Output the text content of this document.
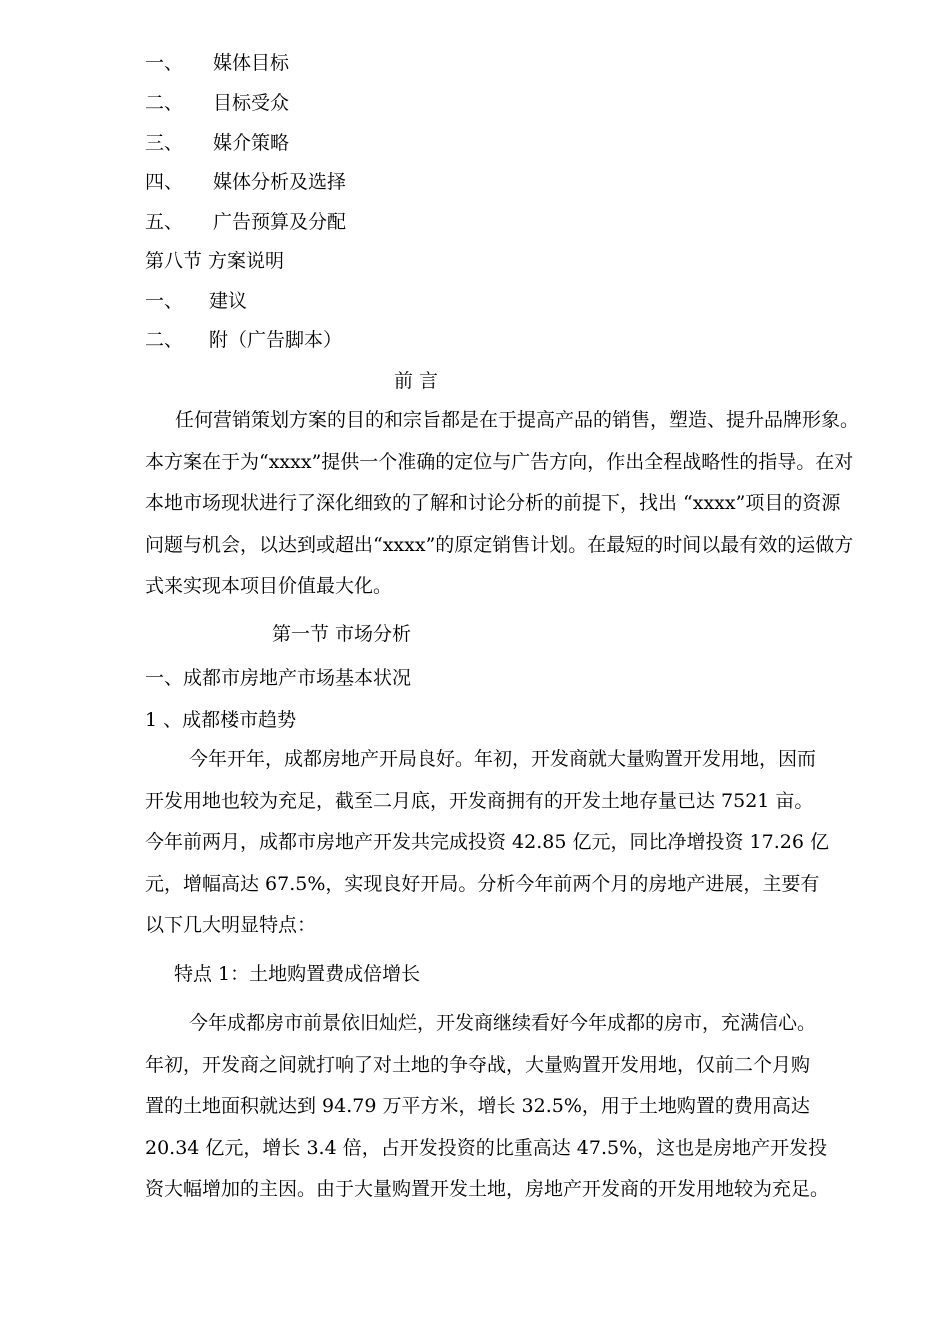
一、 媒体目标
二、 目标受众
三、 媒介策略
四、 媒体分析及选择
五、 广告预算及分配
第八节 方案说明
一、 建议
二、 附（广告脚本）
前 言
任何营销策划方案的目的和宗旨都是在于提高产品的销售，塑造、提升品牌形象。
本方案在于为“xxxx”提供一个准确的定位与广告方向，作出全程战略性的指导。在对
本地市场现状进行了深化细致的了解和讨论分析的前提下，找出 “xxxx”项目的资源
问题与机会，以达到或超出“xxxx”的原定销售计划。在最短的时间以最有效的运做方
式来实现本项目价值最大化。
第一节 市场分析
一、成都市房地产市场基本状况
1 、成都楼市趋势
今年开年，成都房地产开局良好。年初，开发商就大量购置开发用地，因而
开发用地也较为充足，截至二月底，开发商拥有的开发土地存量已达 7521 亩。
今年前两月，成都市房地产开发共完成投资 42.85 亿元，同比净增投资 17.26 亿
元，增幅高达 67.5%，实现良好开局。分析今年前两个月的房地产进展，主要有
以下几大明显特点：
特点 1：土地购置费成倍增长
今年成都房市前景依旧灿烂，开发商继续看好今年成都的房市，充满信心。
年初，开发商之间就打响了对土地的争夺战，大量购置开发用地，仅前二个月购
置的土地面积就达到 94.79 万平方米，增长 32.5%，用于土地购置的费用高达
20.34 亿元，增长 3.4 倍，占开发投资的比重高达 47.5%，这也是房地产开发投
资大幅增加的主因。由于大量购置开发土地，房地产开发商的开发用地较为充足。
